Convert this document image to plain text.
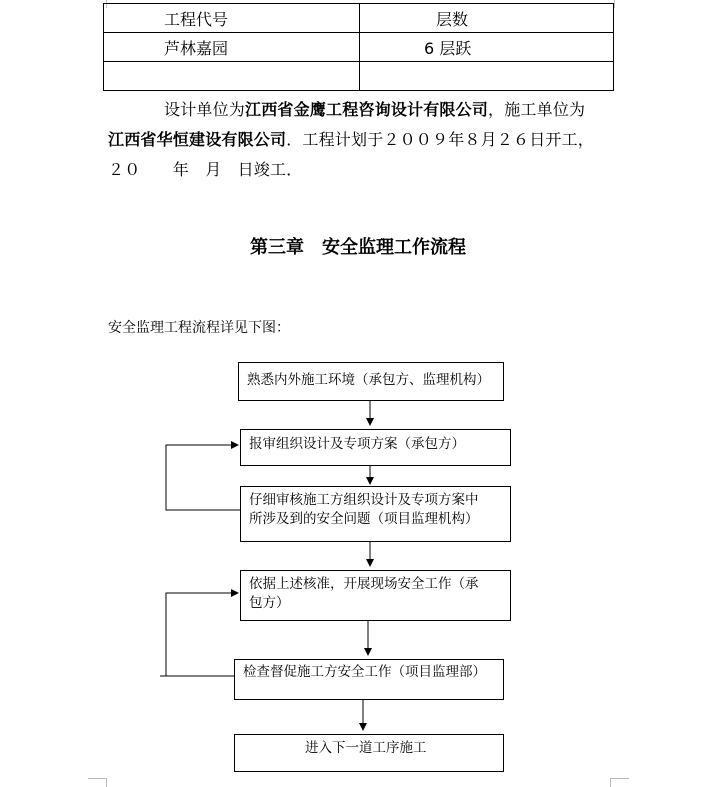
工程代号	层数
芦林嘉园	6 层跃

设计单位为江西省金鹰工程咨询设计有限公司，施工单位为
江西省华恒建设有限公司．工程计划于２００９年８月２６日开工，
２０　　年　月　日竣工．
第三章　安全监理工作流程
安全监理工程流程详见下图：
熟悉内外施工环境（承包方、监理机构）
报审组织设计及专项方案（承包方）
仔细审核施工方组织设计及专项方案中
所涉及到的安全问题（项目监理机构）
依据上述核准，开展现场安全工作（承
包方）
检查督促施工方安全工作（项目监理部）
进入下一道工序施工
